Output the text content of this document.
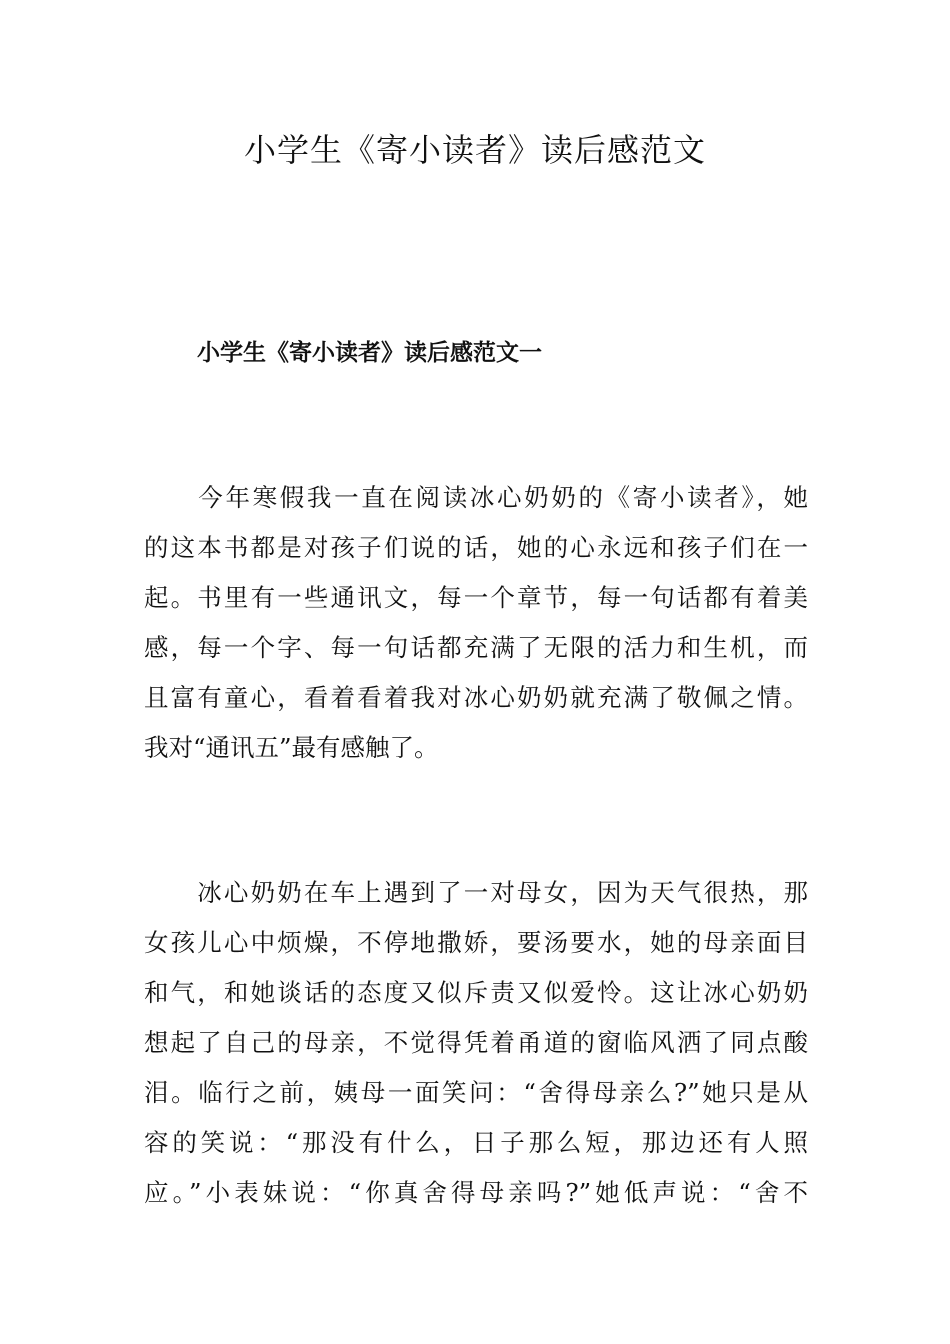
小学生《寄小读者》读后感范文
小学生《寄小读者》读后感范文一
　　今年寒假我一直在阅读冰心奶奶的《寄小读者》，她
的这本书都是对孩子们说的话，她的心永远和孩子们在一
起。书里有一些通讯文，每一个章节，每一句话都有着美
感，每一个字、每一句话都充满了无限的活力和生机，而
且富有童心，看着看着我对冰心奶奶就充满了敬佩之情。
我对“通讯五”最有感触了。
　　冰心奶奶在车上遇到了一对母女，因为天气很热，那
女孩儿心中烦燥，不停地撒娇，要汤要水，她的母亲面目
和气，和她谈话的态度又似斥责又似爱怜。这让冰心奶奶
想起了自己的母亲，不觉得凭着甬道的窗临风洒了同点酸
泪。临行之前，姨母一面笑问：“舍得母亲么?”她只是从
容的笑说：“那没有什么，日子那么短，那边还有人照
应。”小表妹说：“你真舍得母亲吗?”她低声说：“舍不
